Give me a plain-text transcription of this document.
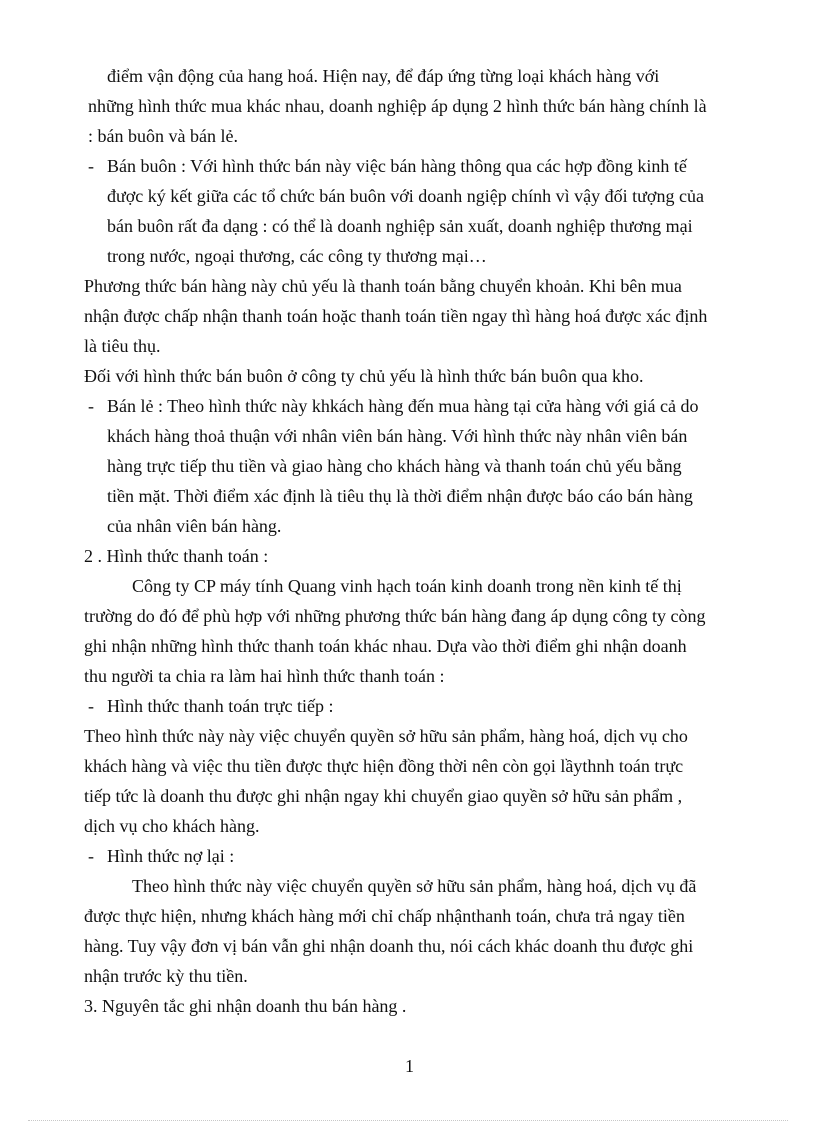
điểm vận động của hang hoá. Hiện nay, để đáp ứng từng loại khách hàng với

những hình thức mua khác nhau, doanh nghiệp áp dụng 2 hình thức bán hàng chính là

: bán buôn và bán lẻ.

- Bán buôn : Với hình thức bán này việc bán hàng thông qua các hợp đồng kinh tế

được ký kết giữa các tổ chức bán buôn với doanh ngiệp chính vì vậy đối tượng của

bán buôn rất đa dạng : có thể là doanh nghiệp sản xuất, doanh nghiệp thương mại

trong nước, ngoại thương, các công ty thương mại…

Phương thức bán hàng này chủ yếu là thanh toán bằng chuyển khoản. Khi bên mua

nhận được chấp nhận thanh toán hoặc thanh toán tiền ngay thì hàng hoá được xác định

là tiêu thụ.

Đối với hình thức bán buôn ở công ty chủ yếu là hình thức bán buôn qua kho.

- Bán lẻ : Theo hình thức này khkách hàng đến mua hàng tại cửa hàng với giá cả do

khách hàng thoả thuận với nhân viên bán hàng. Với hình thức này nhân viên bán

hàng trực tiếp thu tiền và giao hàng cho khách hàng và thanh toán chủ yếu bằng

tiền mặt. Thời điểm xác định là tiêu thụ là thời điểm nhận được báo cáo bán hàng

của nhân viên bán hàng.

2 . Hình thức thanh toán :

Công ty CP máy tính Quang vinh hạch toán kinh doanh trong nền kinh tế thị

trường do đó để phù hợp với những phương thức bán hàng đang áp dụng công ty còng

ghi nhận những hình thức thanh toán khác nhau. Dựa vào thời điểm ghi nhận doanh

thu người ta chia ra làm hai hình thức thanh toán :

- Hình thức thanh toán trực tiếp :

Theo hình thức này này việc chuyển quyền sở hữu sản phẩm, hàng hoá, dịch vụ cho

khách hàng và việc thu tiền được thực hiện đồng thời nên còn gọi lầythnh toán trực

tiếp tức là doanh thu được ghi nhận ngay khi chuyển giao quyền sở hữu sản phẩm ,

dịch vụ cho khách hàng.

- Hình thức nợ lại :

Theo hình thức này việc chuyển quyền sở hữu sản phẩm, hàng hoá, dịch vụ đã

được thực hiện, nhưng khách hàng mới chỉ chấp nhậnthanh toán, chưa trả ngay tiền

hàng. Tuy vậy đơn vị bán vẫn ghi nhận doanh thu, nói cách khác doanh thu được ghi

nhận trước kỳ thu tiền.

3. Nguyên tắc ghi nhận doanh thu bán hàng .

1
